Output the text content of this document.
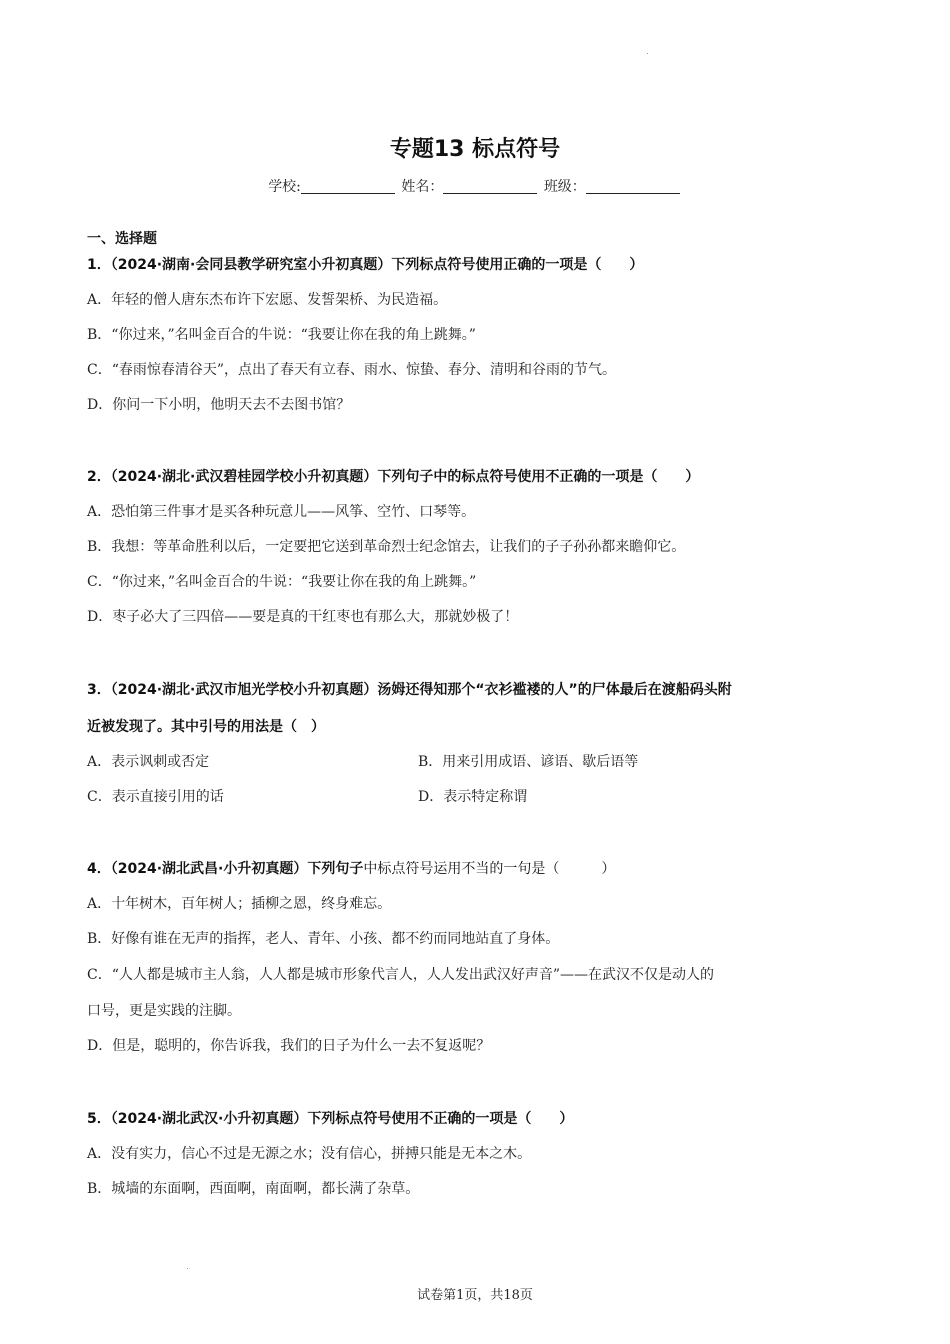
专题13 标点符号
学校:	姓名：	班级：
一、选择题
1．（2024·湖南·会同县教学研究室小升初真题）下列标点符号使用正确的一项是（　　）
A．年轻的僧人唐东杰布许下宏愿、发誓架桥、为民造福。
B．“你过来，”名叫金百合的牛说：“我要让你在我的角上跳舞。”
C．“春雨惊春清谷天”，点出了春天有立春、雨水、惊蛰、春分、清明和谷雨的节气。
D．你问一下小明，他明天去不去图书馆？
2．（2024·湖北·武汉碧桂园学校小升初真题）下列句子中的标点符号使用不正确的一项是（　　）
A．恐怕第三件事才是买各种玩意儿——风筝、空竹、口琴等。
B．我想：等革命胜利以后，一定要把它送到革命烈士纪念馆去，让我们的子子孙孙都来瞻仰它。
C．“你过来，”名叫金百合的牛说：“我要让你在我的角上跳舞。”
D．枣子必大了三四倍——要是真的干红枣也有那么大，那就妙极了！
3．（2024·湖北·武汉市旭光学校小升初真题）汤姆还得知那个“衣衫褴褛的人”的尸体最后在渡船码头附
近被发现了。其中引号的用法是（　）
A．表示讽刺或否定	B．用来引用成语、谚语、歇后语等
C．表示直接引用的话	D．表示特定称谓
4．（2024·湖北武昌·小升初真题）下列句子中标点符号运用不当的一句是（　　　）
A．十年树木，百年树人；插柳之恩，终身难忘。
B．好像有谁在无声的指挥，老人、青年、小孩、都不约而同地站直了身体。
C．“人人都是城市主人翁，人人都是城市形象代言人，人人发出武汉好声音”——在武汉不仅是动人的
口号，更是实践的注脚。
D．但是，聪明的，你告诉我，我们的日子为什么一去不复返呢？
5．（2024·湖北武汉·小升初真题）下列标点符号使用不正确的一项是（　　）
A．没有实力，信心不过是无源之水；没有信心，拼搏只能是无本之木。
B．城墙的东面啊，西面啊，南面啊，都长满了杂草。
试卷第1页，共18页
